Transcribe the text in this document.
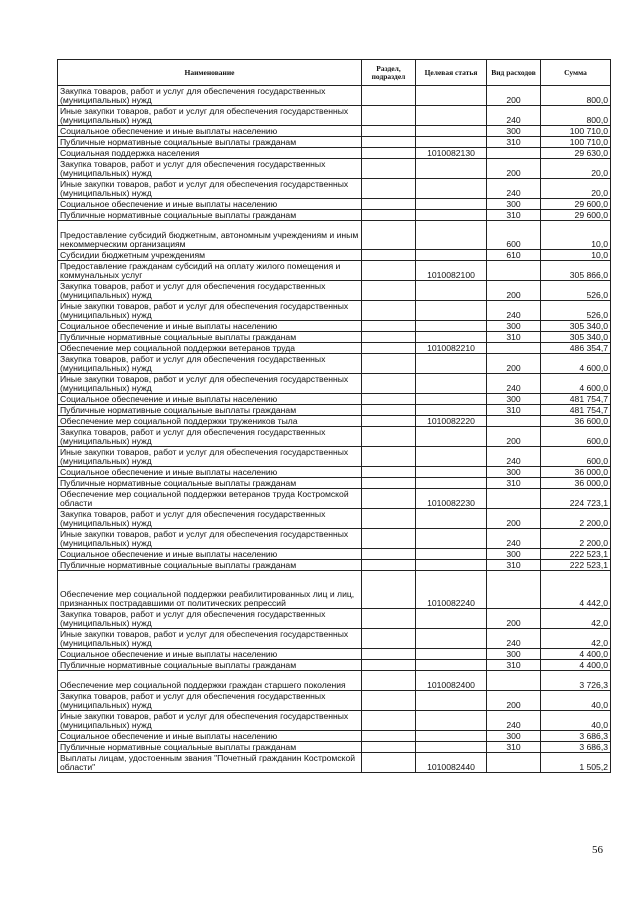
Наименование	Раздел, подраздел	Целевая статья	Вид расходов	Сумма
Закупка товаров, работ и услуг для обеспечения государственных (муниципальных) нужд			200	800,0
Иные закупки товаров, работ и услуг для обеспечения государственных (муниципальных) нужд			240	800,0
Социальное обеспечение и иные выплаты населению			300	100 710,0
Публичные нормативные социальные выплаты гражданам			310	100 710,0
Социальная поддержка населения		1010082130		29 630,0
Закупка товаров, работ и услуг для обеспечения государственных (муниципальных) нужд			200	20,0
Иные закупки товаров, работ и услуг для обеспечения государственных (муниципальных) нужд			240	20,0
Социальное обеспечение и иные выплаты населению			300	29 600,0
Публичные нормативные социальные выплаты гражданам			310	29 600,0
Предоставление субсидий бюджетным, автономным учреждениям и иным некоммерческим организациям			600	10,0
Субсидии бюджетным учреждениям			610	10,0
Предоставление гражданам субсидий на оплату жилого помещения и коммунальных услуг		1010082100		305 866,0
Закупка товаров, работ и услуг для обеспечения государственных (муниципальных) нужд			200	526,0
Иные закупки товаров, работ и услуг для обеспечения государственных (муниципальных) нужд			240	526,0
Социальное обеспечение и иные выплаты населению			300	305 340,0
Публичные нормативные социальные выплаты гражданам			310	305 340,0
Обеспечение мер социальной поддержки ветеранов труда		1010082210		486 354,7
Закупка товаров, работ и услуг для обеспечения государственных (муниципальных) нужд			200	4 600,0
Иные закупки товаров, работ и услуг для обеспечения государственных (муниципальных) нужд			240	4 600,0
Социальное обеспечение и иные выплаты населению			300	481 754,7
Публичные нормативные социальные выплаты гражданам			310	481 754,7
Обеспечение мер социальной поддержки тружеников тыла		1010082220		36 600,0
Закупка товаров, работ и услуг для обеспечения государственных (муниципальных) нужд			200	600,0
Иные закупки товаров, работ и услуг для обеспечения государственных (муниципальных) нужд			240	600,0
Социальное обеспечение и иные выплаты населению			300	36 000,0
Публичные нормативные социальные выплаты гражданам			310	36 000,0
Обеспечение мер социальной поддержки ветеранов труда Костромской области		1010082230		224 723,1
Закупка товаров, работ и услуг для обеспечения государственных (муниципальных) нужд			200	2 200,0
Иные закупки товаров, работ и услуг для обеспечения государственных (муниципальных) нужд			240	2 200,0
Социальное обеспечение и иные выплаты населению			300	222 523,1
Публичные нормативные социальные выплаты гражданам			310	222 523,1
Обеспечение мер социальной поддержки реабилитированных лиц и лиц, признанных пострадавшими от политических репрессий		1010082240		4 442,0
Закупка товаров, работ и услуг для обеспечения государственных (муниципальных) нужд			200	42,0
Иные закупки товаров, работ и услуг для обеспечения государственных (муниципальных) нужд			240	42,0
Социальное обеспечение и иные выплаты населению			300	4 400,0
Публичные нормативные социальные выплаты гражданам			310	4 400,0
Обеспечение мер социальной поддержки граждан старшего поколения		1010082400		3 726,3
Закупка товаров, работ и услуг для обеспечения государственных (муниципальных) нужд			200	40,0
Иные закупки товаров, работ и услуг для обеспечения государственных (муниципальных) нужд			240	40,0
Социальное обеспечение и иные выплаты населению			300	3 686,3
Публичные нормативные социальные выплаты гражданам			310	3 686,3
Выплаты лицам, удостоенным звания "Почетный гражданин Костромской области"		1010082440		1 505,2
56
